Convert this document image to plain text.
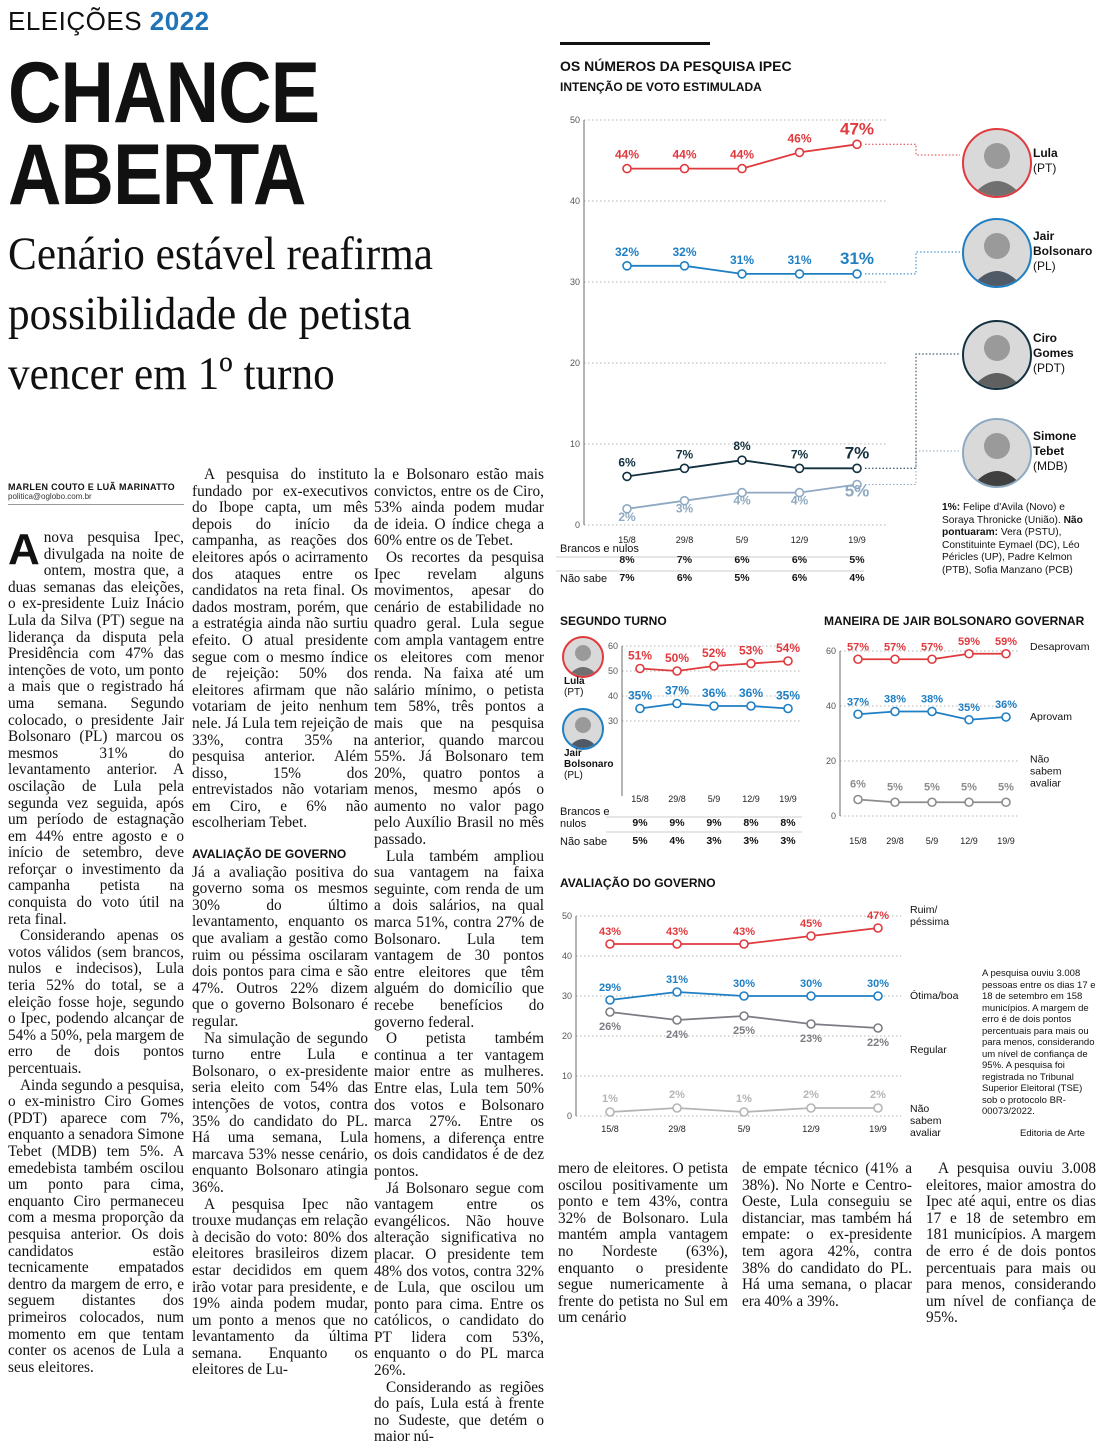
ELEIÇÕES 2022
CHANCE
ABERTA
Cenário estável reafirma possibilidade de petista vencer em 1º turno
MARLEN COUTO E LUÃ MARINATTO
politica@oglobo.com.br

Anova pesquisa Ipec, divulgada na noite de ontem, mostra que, a duas semanas das eleições, o ex-presidente Luiz Inácio Lula da Silva (PT) segue na liderança da disputa pela Presidência com 47% das intenções de voto, um ponto a mais que o registrado há uma semana. Segundo colocado, o presidente Jair Bolsonaro (PL) marcou os mesmos 31% do levantamento anterior. A oscilação de Lula pela segunda vez seguida, após um período de estagnação em 44% entre agosto e o início de setembro, deve reforçar o investimento da campanha petista na conquista do voto útil na reta final.

Considerando apenas os votos válidos (sem brancos, nulos e indecisos), Lula teria 52% do total, se a eleição fosse hoje, segundo o Ipec, podendo alcançar de 54% a 50%, pela margem de erro de dois pontos percentuais.

Ainda segundo a pesquisa, o ex-ministro Ciro Gomes (PDT) aparece com 7%, enquanto a senadora Simone Tebet (MDB) tem 5%. A emedebista também oscilou um ponto para cima, enquanto Ciro permaneceu com a mesma proporção da pesquisa anterior. Os dois candidatos estão tecnicamente empatados dentro da margem de erro, e seguem distantes dos primeiros colocados, num momento em que tentam conter os acenos de Lula a seus eleitores.

A pesquisa do instituto fundado por ex-executivos do Ibope capta, um mês depois do início da campanha, as reações dos eleitores após o acirramento dos ataques entre os candidatos na reta final. Os dados mostram, porém, que a estratégia ainda não surtiu efeito. O atual presidente segue com o mesmo índice de rejeição: 50% dos eleitores afirmam que não votariam de jeito nenhum nele. Já Lula tem rejeição de 33%, contra 35% na pesquisa anterior. Além disso, 15% dos entrevistados não votariam em Ciro, e 6% não escolheriam Tebet.

AVALIAÇÃO DE GOVERNO

Já a avaliação positiva do governo soma os mesmos 30% do último levantamento, enquanto os que avaliam a gestão como ruim ou péssima oscilaram dois pontos para cima e são 47%. Outros 22% dizem que o governo Bolsonaro é regular.

Na simulação de segundo turno entre Lula e Bolsonaro, o ex-presidente seria eleito com 54% das intenções de votos, contra 35% do candidato do PL. Há uma semana, Lula marcava 53% nesse cenário, enquanto Bolsonaro atingia 36%.

A pesquisa Ipec não trouxe mudanças em relação à decisão do voto: 80% dos eleitores brasileiros dizem estar decididos em quem irão votar para presidente, e 19% ainda podem mudar, um ponto a menos que no levantamento da última semana. Enquanto os eleitores de Lu-

la e Bolsonaro estão mais convictos, entre os de Ciro, 53% ainda podem mudar de ideia. O índice chega a 60% entre os de Tebet.

Os recortes da pesquisa Ipec revelam alguns movimentos, apesar do cenário de estabilidade no quadro geral. Lula segue com ampla vantagem entre os eleitores com menor renda. Na faixa até um salário mínimo, o petista tem 58%, três pontos a mais que na pesquisa anterior, quando marcou 55%. Já Bolsonaro tem 20%, quatro pontos a menos, mesmo após o aumento no valor pago pelo Auxílio Brasil no mês passado.

Lula também ampliou sua vantagem na faixa seguinte, com renda de um a dois salários, na qual marca 51%, contra 27% de Bolsonaro. Lula tem vantagem de 30 pontos entre eleitores que têm alguém do domicílio que recebe benefícios do governo federal.

O petista também continua a ter vantagem maior entre as mulheres. Entre elas, Lula tem 50% dos votos e Bolsonaro marca 27%. Entre os homens, a diferença entre os dois candidatos é de dez pontos.

Já Bolsonaro segue com vantagem entre os evangélicos. Não houve alteração significativa no placar. O presidente tem 48% dos votos, contra 32% de Lula, que oscilou um ponto para cima. Entre os católicos, o candidato do PT lidera com 53%, enquanto o do PL marca 26%.

Considerando as regiões do país, Lula está à frente no Sudeste, que detém o maior nú-

mero de eleitores. O petista oscilou positivamente um ponto e tem 43%, contra 32% de Bolsonaro. Lula mantém ampla vantagem no Nordeste (63%), enquanto o presidente segue numericamente à frente do petista no Sul em um cenário

de empate técnico (41% a 38%). No Norte e Centro-Oeste, Lula conseguiu se distanciar, mas também há empate: o ex-presidente tem agora 42%, contra 38% do candidato do PL. Há uma semana, o placar era 40% a 39%.

A pesquisa ouviu 3.008 eleitores, maior amostra do Ipec até aqui, entre os dias 17 e 18 de setembro em 181 municípios. A margem de erro é de dois pontos percentuais para mais ou para menos, considerando um nível de confiança de 95%.

OS NÚMEROS DA PESQUISA IPEC
INTENÇÃO DE VOTO ESTIMULADA
0
10
20
30
40
50
15/8	29/8	5/9	12/9	19/9
44%	44%	44%
46%
47%
32%	32%
31%	31% 31%
6%
7%
8%
7% 7%
2%
3%
4%	4%
5%
8%	7%	6%	6%	5%
7%	6%	5%	6%	4%
Brancos e nulos
Não sabe
Lula
(PT)
Jair Bolsonaro
(PL)
Ciro Gomes
(PDT)
Simone Tebet
(MDB)
1%: Felipe d'Avila (Novo) e Soraya Thronicke (União). Não pontuaram: Vera (PSTU), Constituinte Eymael (DC), Léo Péricles (UP), Padre Kelmon (PTB), Sofia Manzano (PCB)
SEGUNDO TURNO
Lula
(PT)
Jair Bolsonaro
(PL)
30
40
50
60
15/8 29/8 5/9 12/9 19/9
51% 50% 52% 53% 54%
35% 37% 36% 36% 35%
9% 9% 9% 8% 8%
5% 4% 3% 3% 3%
Brancos e nulos
Não sabe
MANEIRA DE JAIR BOLSONARO GOVERNAR
0
20
40
60
15/8 29/8 5/9 12/9 19/9
57% 57% 57% 59% 59% Desaprovam
37% 38% 38%
35% 36%
Aprovam
6% 5% 5% 5% 5%
Não sabem avaliar
AVALIAÇÃO DO GOVERNO
0
10
20
30
40
50
15/8	29/8	5/9	12/9	19/9
43%	43%	43%
45%
47% Ruim/ péssima
29%
31%	30%	30%	30%
Ótima/boa
26%
24%	25%
23%	22%
Regular
1%	2%	1%	2%	2%
Não sabem avaliar
A pesquisa ouviu 3.008 pessoas entre os dias 17 e 18 de setembro em 158 municípios. A margem de erro é de dois pontos percentuais para mais ou para menos, considerando um nível de confiança de 95%. A pesquisa foi registrada no Tribunal Superior Eleitoral (TSE) sob o protocolo BR-00073/2022.
Editoria de Arte
